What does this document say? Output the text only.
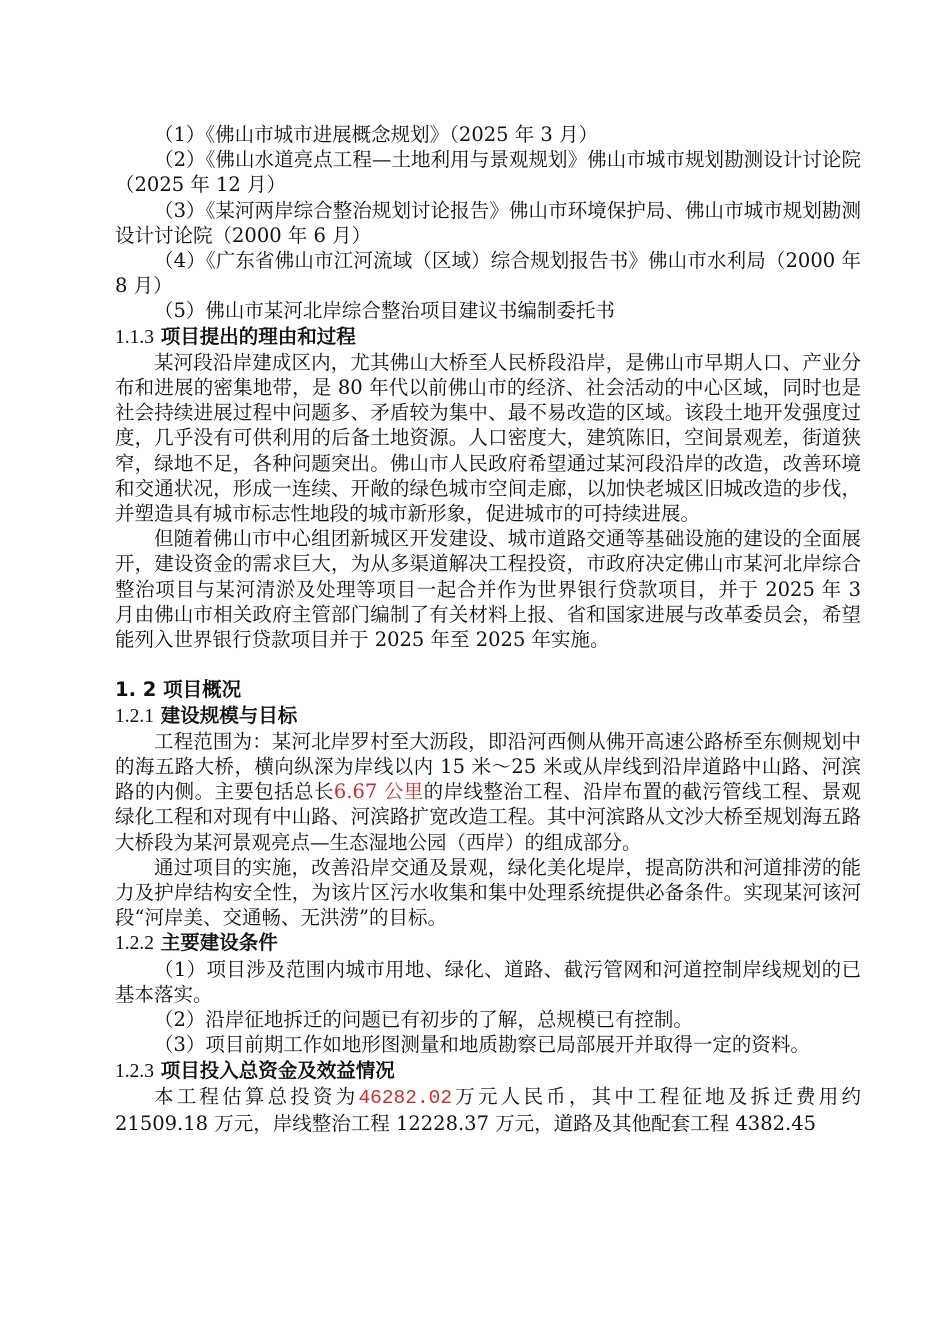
（1）《佛山市城市进展概念规划》（2025 年 3 月）

（2）《佛山水道亮点工程—土地利用与景观规划》佛山市城市规划勘测设计讨论院（2025 年 12 月）

（3）《某河两岸综合整治规划讨论报告》佛山市环境保护局、佛山市城市规划勘测设计讨论院（2000 年 6 月）

（4）《广东省佛山市江河流域（区域）综合规划报告书》佛山市水利局（2000 年 8 月）

（5）佛山市某河北岸综合整治项目建议书编制委托书

1.1.3 项目提出的理由和过程

某河段沿岸建成区内，尤其佛山大桥至人民桥段沿岸，是佛山市早期人口、产业分布和进展的密集地带，是 80 年代以前佛山市的经济、社会活动的中心区域，同时也是社会持续进展过程中问题多、矛盾较为集中、最不易改造的区域。该段土地开发强度过度，几乎没有可供利用的后备土地资源。人口密度大，建筑陈旧，空间景观差，街道狭窄，绿地不足，各种问题突出。佛山市人民政府希望通过某河段沿岸的改造，改善环境和交通状况，形成一连续、开敞的绿色城市空间走廊，以加快老城区旧城改造的步伐，并塑造具有城市标志性地段的城市新形象，促进城市的可持续进展。

但随着佛山市中心组团新城区开发建设、城市道路交通等基础设施的建设的全面展开，建设资金的需求巨大，为从多渠道解决工程投资，市政府决定佛山市某河北岸综合整治项目与某河清淤及处理等项目一起合并作为世界银行贷款项目，并于 2025 年 3 月由佛山市相关政府主管部门编制了有关材料上报、省和国家进展与改革委员会，希望能列入世界银行贷款项目并于 2025 年至 2025 年实施。

1. 2 项目概况
1.2.1 建设规模与目标

工程范围为：某河北岸罗村至大沥段，即沿河西侧从佛开高速公路桥至东侧规划中的海五路大桥，横向纵深为岸线以内 15 米～25 米或从岸线到沿岸道路中山路、河滨路的内侧。主要包括总长6.67 公里的岸线整治工程、沿岸布置的截污管线工程、景观绿化工程和对现有中山路、河滨路扩宽改造工程。其中河滨路从文沙大桥至规划海五路大桥段为某河景观亮点—生态湿地公园（西岸）的组成部分。

通过项目的实施，改善沿岸交通及景观，绿化美化堤岸，提高防洪和河道排涝的能力及护岸结构安全性，为该片区污水收集和集中处理系统提供必备条件。实现某河该河段“河岸美、交通畅、无洪涝”的目标。

1.2.2 主要建设条件

（1）项目涉及范围内城市用地、绿化、道路、截污管网和河道控制岸线规划的已基本落实。

（2）沿岸征地拆迁的问题已有初步的了解，总规模已有控制。

（3）项目前期工作如地形图测量和地质勘察已局部展开并取得一定的资料。

1.2.3 项目投入总资金及效益情况

本工程估算总投资为46282.02万元人民币，其中工程征地及拆迁费用约 21509.18 万元，岸线整治工程 12228.37 万元，道路及其他配套工程 4382.45
